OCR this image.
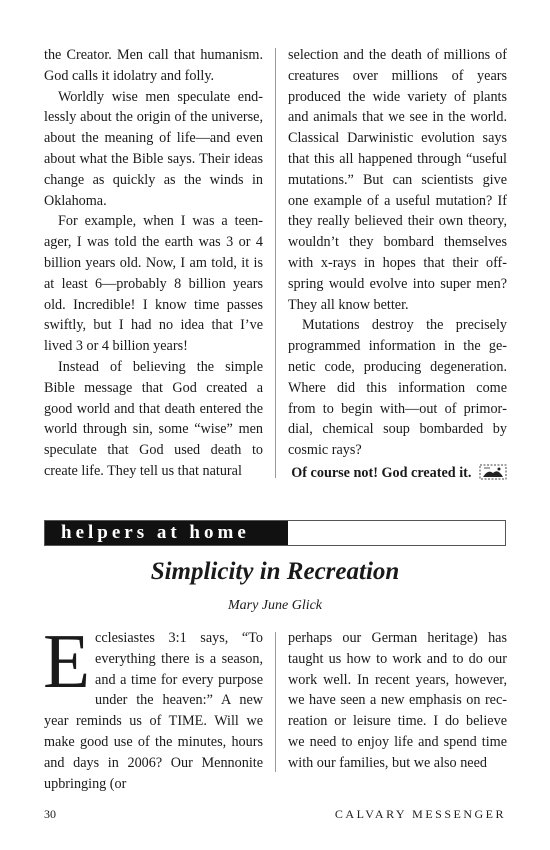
the Creator. Men call that humanism. God calls it idolatry and folly.

Worldly wise men speculate endlessly about the origin of the universe, about the meaning of life—and even about what the Bible says. Their ideas change as quickly as the winds in Oklahoma.

For example, when I was a teenager, I was told the earth was 3 or 4 billion years old. Now, I am told, it is at least 6—probably 8 billion years old. Incredible! I know time passes swiftly, but I had no idea that I’ve lived 3 or 4 billion years!

Instead of believing the simple Bible message that God created a good world and that death entered the world through sin, some “wise” men speculate that God used death to create life. They tell us that natural

selection and the death of millions of creatures over millions of years produced the wide variety of plants and animals that we see in the world. Classical Darwinistic evolution says that this all happened through “useful mutations.” But can scientists give one example of a useful mutation? If they really believed their own theory, wouldn’t they bombard themselves with x-rays in hopes that their offspring would evolve into super men? They all know better.

Mutations destroy the precisely programmed information in the genetic code, producing degeneration. Where did this information come from to begin with—out of primordial, chemical soup bombarded by cosmic rays?

Of course not! God created it.
helpers at home
Simplicity in Recreation
Mary June Glick

Ecclesiastes 3:1 says, “To everything there is a season, and a time for every purpose under the heaven:” A new year reminds us of TIME. Will we make good use of the minutes, hours and days in 2006? Our Mennonite upbringing (or

perhaps our German heritage) has taught us how to work and to do our work well. In recent years, however, we have seen a new emphasis on recreation or leisure time. I do believe we need to enjoy life and spend time with our families, but we also need

30	CALVARY MESSENGER
